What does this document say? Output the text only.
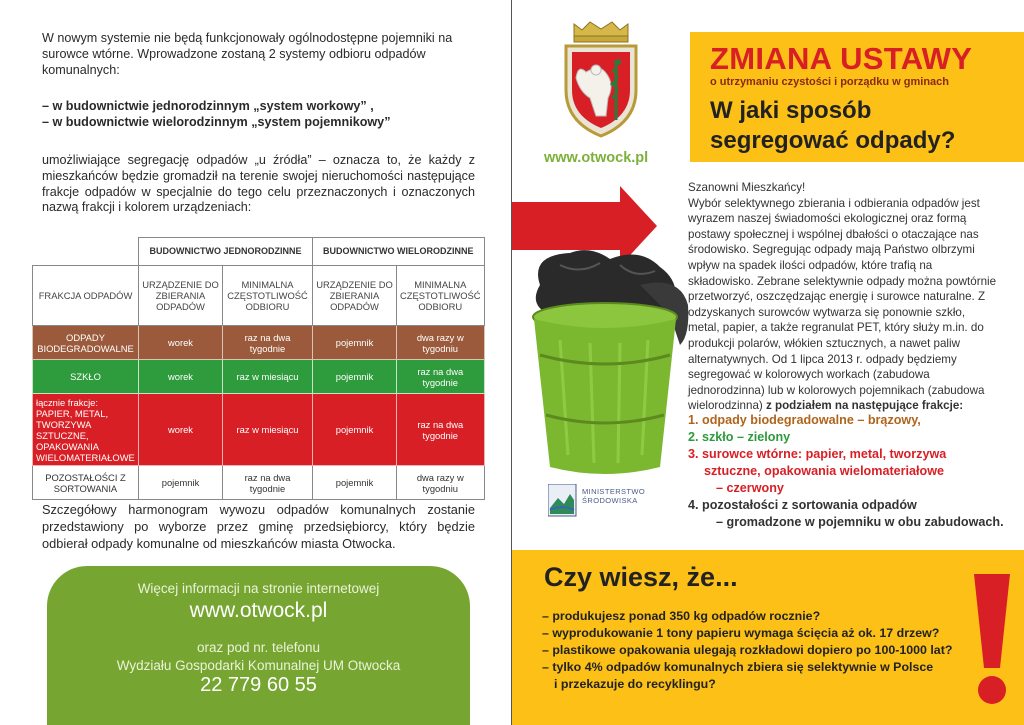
W nowym systemie nie będą funkcjonowały ogólnodostępne pojemniki na surowce wtórne. Wprowadzone zostaną 2 systemy odbioru odpadów komunalnych:

– w budownictwie jednorodzinnym „system workowy” ,
– w budownictwie wielorodzinnym „system pojemnikowy”

umożliwiające segregację odpadów „u źródła” – oznacza to, że każdy z mieszkańców będzie gromadził na terenie swojej nieruchomości następujące frakcje odpadów w specjalnie do tego celu przeznaczonych i oznaczonych nazwą frakcji i kolorem urządzeniach:

	BUDOWNICTWO JEDNORODZINNE		BUDOWNICTWO WIELORODZINNE	
FRAKCJA ODPADÓW	URZĄDZENIE DO ZBIERANIA ODPADÓW	MINIMALNA CZĘSTOTLIWOŚĆ ODBIORU	URZĄDZENIE DO ZBIERANIA ODPADÓW	MINIMALNA CZĘSTOTLIWOŚĆ ODBIORU
ODPADY BIODEGRADOWALNE	worek	raz na dwa tygodnie	pojemnik	dwa razy w tygodniu
SZKŁO	worek	raz w miesiącu	pojemnik	raz na dwa tygodnie
łącznie frakcje: PAPIER, METAL, TWORZYWA SZTUCZNE, OPAKOWANIA WIELOMATERIAŁOWE	worek	raz w miesiącu	pojemnik	raz na dwa tygodnie
POZOSTAŁOŚCI Z SORTOWANIA	pojemnik	raz na dwa tygodnie	pojemnik	dwa razy w tygodniu

Szczegółowy harmonogram wywozu odpadów komunalnych zostanie przedstawiony po wyborze przez gminę przedsiębiorcy, który będzie odbierał odpady komunalne od mieszkańców miasta Otwocka.

Więcej informacji na stronie internetowej
www.otwock.pl
oraz pod nr. telefonu
Wydziału Gospodarki Komunalnej UM Otwocka
22 779 60 55
www.otwock.pl
ZMIANA USTAWY
o utrzymaniu czystości i porządku w gminach
W jaki sposób
segregować odpady?
MINISTERSTWO ŚRODOWISKA
Szanowni Mieszkańcy!
Wybór selektywnego zbierania i odbierania odpadów jest wyrazem naszej świadomości ekologicznej oraz formą postawy społecznej i wspólnej dbałości o otaczające nas środowisko. Segregując odpady mają Państwo olbrzymi wpływ na spadek ilości odpadów, które trafią na składowisko. Zebrane selektywnie odpady można powtórnie przetworzyć, oszczędzając energię i surowce naturalne. Z odzyskanych surowców wytwarza się ponownie szkło, metal, papier, a także regranulat PET, który służy m.in. do produkcji polarów, włókien sztucznych, a nawet paliw alternatywnych. Od 1 lipca 2013 r. odpady będziemy segregować w kolorowych workach (zabudowa jednorodzinna) lub w kolorowych pojemnikach (zabudowa wielorodzinna) z podziałem na następujące frakcje:
1. odpady biodegradowalne – brązowy,
2. szkło – zielony
3. surowce wtórne: papier, metal, tworzywa
sztuczne, opakowania wielomateriałowe
– czerwony
4. pozostałości z sortowania odpadów
– gromadzone w pojemniku w obu zabudowach.
Czy wiesz, że...
– produkujesz ponad 350 kg odpadów rocznie?
– wyprodukowanie 1 tony papieru wymaga ścięcia aż ok. 17 drzew?
– plastikowe opakowania ulegają rozkładowi dopiero po 100-1000 lat?
– tylko 4% odpadów komunalnych zbiera się selektywnie w Polsce
i przekazuje do recyklingu?
